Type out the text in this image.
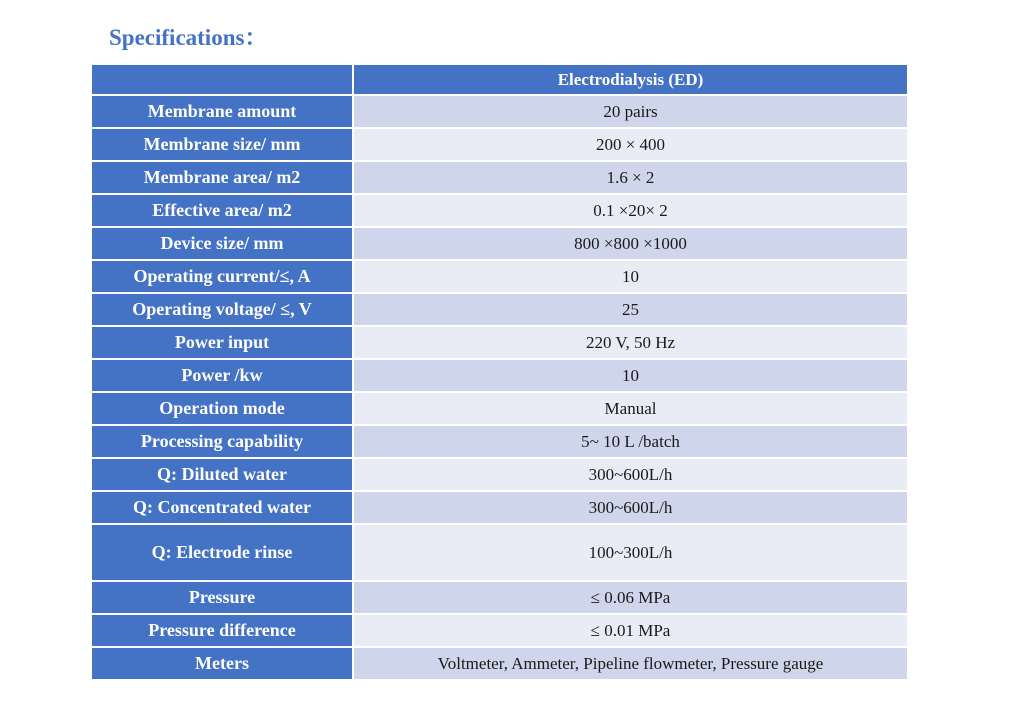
Specifications：
	Electrodialysis (ED)
Membrane amount	20 pairs
Membrane size/ mm	200 × 400
Membrane area/ m2	1.6 × 2
Effective area/ m2	0.1 ×20× 2
Device size/ mm	800 ×800 ×1000
Operating current/≤, A	10
Operating voltage/ ≤, V	25
Power input	220 V, 50 Hz
Power /kw	10
Operation mode	Manual
Processing capability	5~ 10 L /batch
Q: Diluted water	300~600L/h
Q: Concentrated water	300~600L/h
Q: Electrode rinse	100~300L/h
Pressure	≤ 0.06 MPa
Pressure difference	≤ 0.01 MPa
Meters	Voltmeter, Ammeter, Pipeline flowmeter, Pressure gauge
